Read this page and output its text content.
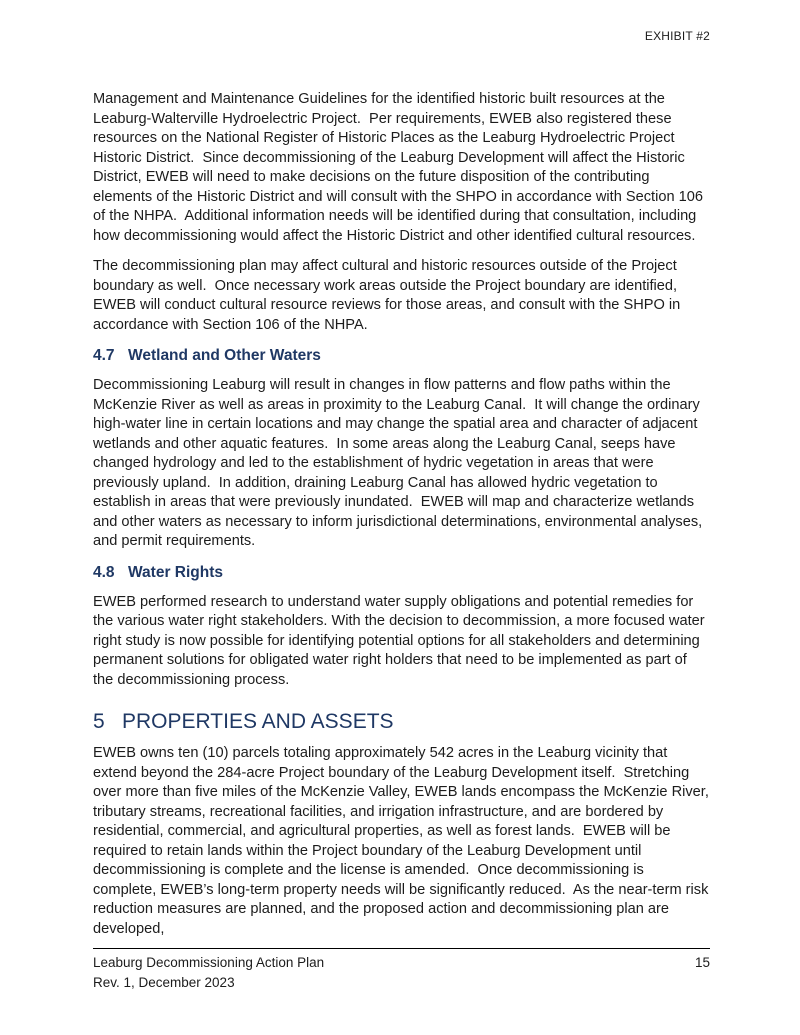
EXHIBIT #2

Management and Maintenance Guidelines for the identified historic built resources at the Leaburg-Walterville Hydroelectric Project.  Per requirements, EWEB also registered these resources on the National Register of Historic Places as the Leaburg Hydroelectric Project Historic District.  Since decommissioning of the Leaburg Development will affect the Historic District, EWEB will need to make decisions on the future disposition of the contributing elements of the Historic District and will consult with the SHPO in accordance with Section 106 of the NHPA.  Additional information needs will be identified during that consultation, including how decommissioning would affect the Historic District and other identified cultural resources.

The decommissioning plan may affect cultural and historic resources outside of the Project boundary as well.  Once necessary work areas outside the Project boundary are identified, EWEB will conduct cultural resource reviews for those areas, and consult with the SHPO in accordance with Section 106 of the NHPA.

4.7 Wetland and Other Waters

Decommissioning Leaburg will result in changes in flow patterns and flow paths within the McKenzie River as well as areas in proximity to the Leaburg Canal.  It will change the ordinary high-water line in certain locations and may change the spatial area and character of adjacent wetlands and other aquatic features.  In some areas along the Leaburg Canal, seeps have changed hydrology and led to the establishment of hydric vegetation in areas that were previously upland.  In addition, draining Leaburg Canal has allowed hydric vegetation to establish in areas that were previously inundated.  EWEB will map and characterize wetlands and other waters as necessary to inform jurisdictional determinations, environmental analyses, and permit requirements.

4.8 Water Rights

EWEB performed research to understand water supply obligations and potential remedies for the various water right stakeholders. With the decision to decommission, a more focused water right study is now possible for identifying potential options for all stakeholders and determining permanent solutions for obligated water right holders that need to be implemented as part of the decommissioning process.

5 PROPERTIES AND ASSETS

EWEB owns ten (10) parcels totaling approximately 542 acres in the Leaburg vicinity that extend beyond the 284-acre Project boundary of the Leaburg Development itself.  Stretching over more than five miles of the McKenzie Valley, EWEB lands encompass the McKenzie River, tributary streams, recreational facilities, and irrigation infrastructure, and are bordered by residential, commercial, and agricultural properties, as well as forest lands.  EWEB will be required to retain lands within the Project boundary of the Leaburg Development until decommissioning is complete and the license is amended.  Once decommissioning is complete, EWEB’s long-term property needs will be significantly reduced.  As the near-term risk reduction measures are planned, and the proposed action and decommissioning plan are developed,

Leaburg Decommissioning Action Plan	15
Rev. 1, December 2023
